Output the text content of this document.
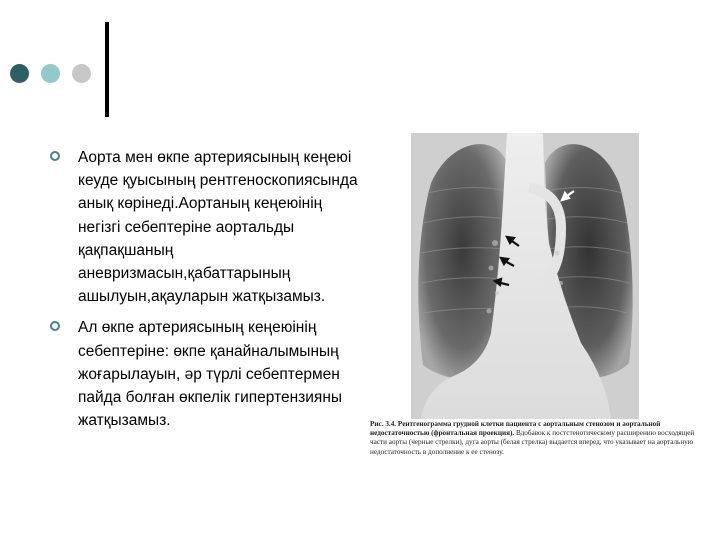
Аорта мен өкпе артериясының кеңеюі кеуде қуысының рентгеноскопиясында анық көрінеді.Аортаның кеңеюінің негізгі себептеріне аортальды қақпақшаның аневризмасын,қабаттарының ашылуын,ақауларын жатқызамыз.
Ал өкпе артериясының кеңеюінің себептеріне: өкпе қанайналымының жоғарылауын, әр түрлі себептермен пайда болған өкпелік гипертензияны жатқызамыз.	Рис. 3.4. Рентгенограмма грудной клетки пациента с аортальным стенозом и аортальной недостаточностью (фронтальная проекция). Вдобавок к постстенотическому расширению восходящей части аорты (черные стрелки), дуга аорты (белая стрелка) выдается вперед, что указывает на аортальную недостаточность в дополнение к ее стенозу.
